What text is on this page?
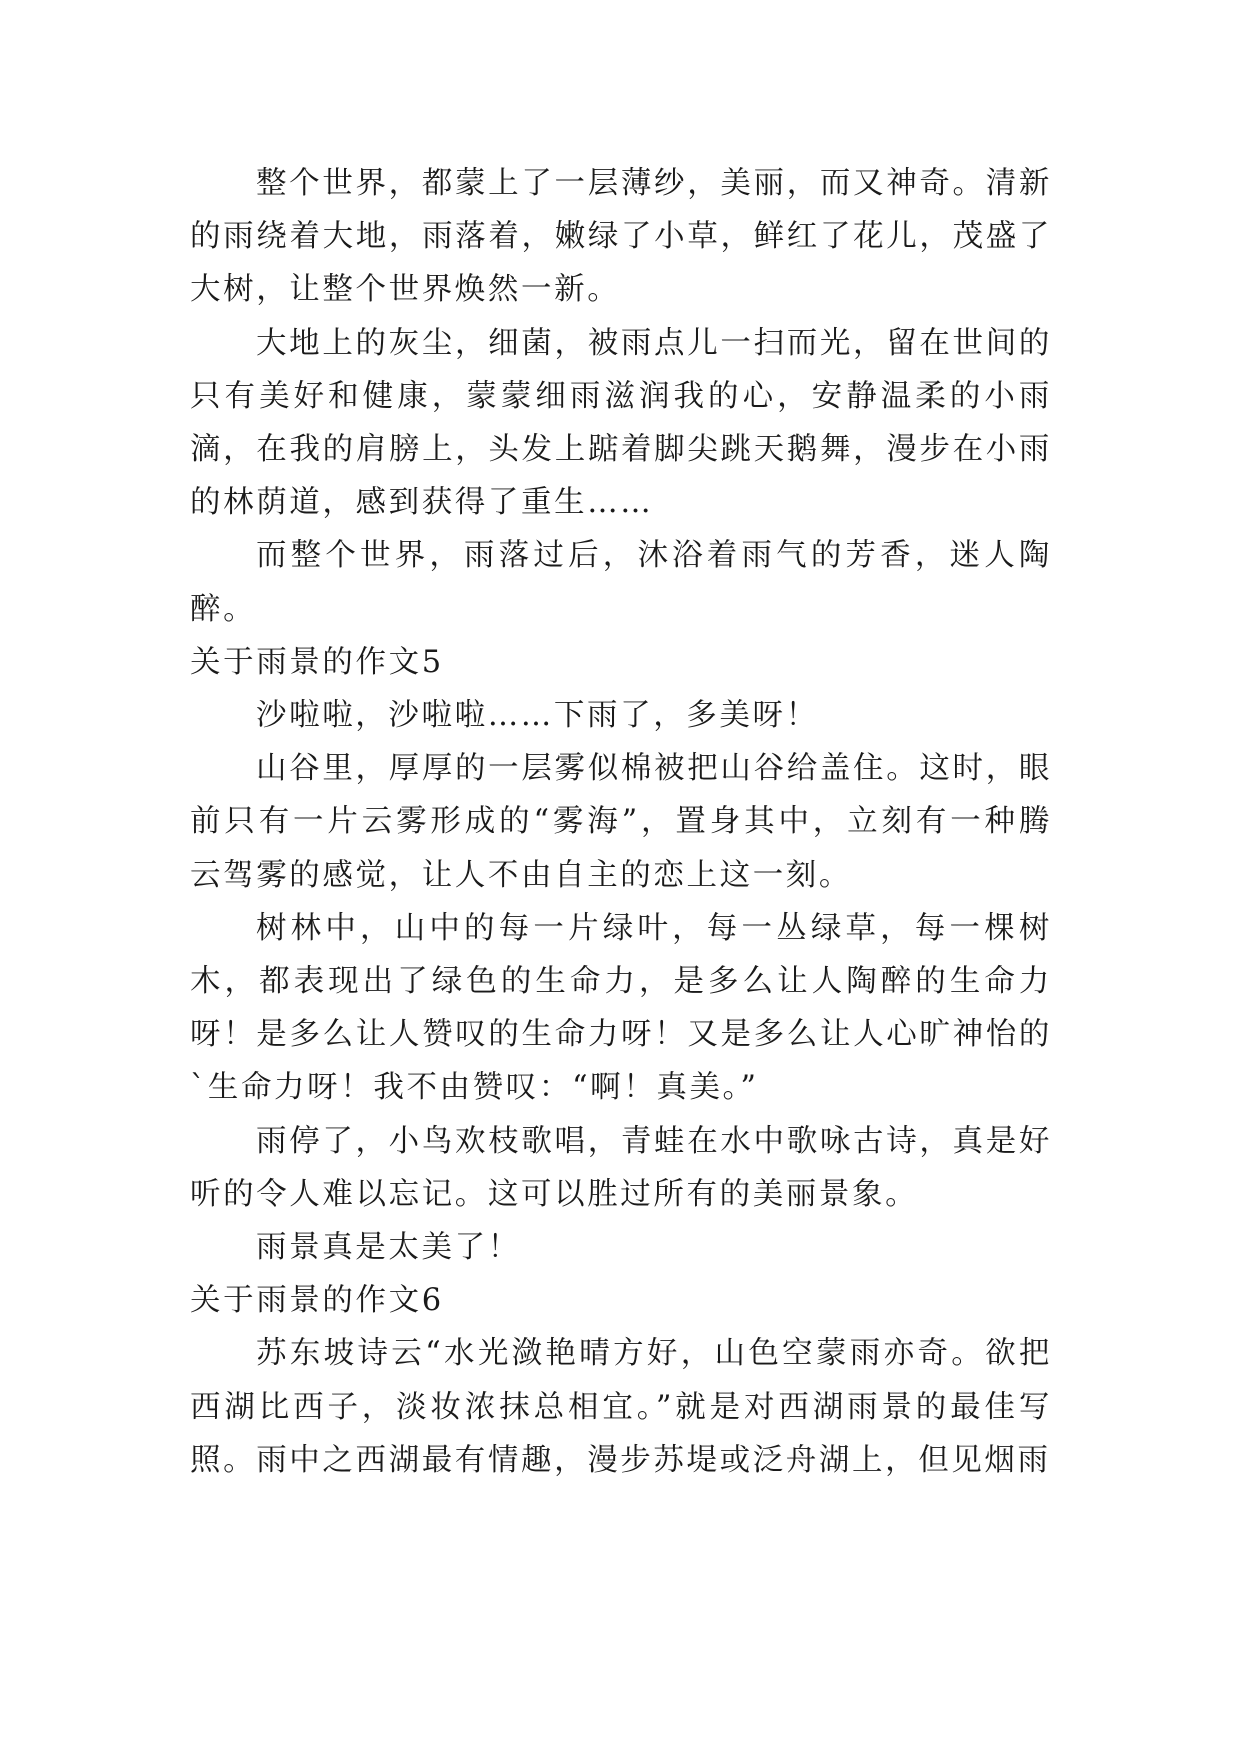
整个世界，都蒙上了一层薄纱，美丽，而又神奇。清新的雨绕着大地，雨落着，嫩绿了小草，鲜红了花儿，茂盛了大树，让整个世界焕然一新。

大地上的灰尘，细菌，被雨点儿一扫而光，留在世间的只有美好和健康，蒙蒙细雨滋润我的心，安静温柔的小雨滴，在我的肩膀上，头发上踮着脚尖跳天鹅舞，漫步在小雨的林荫道，感到获得了重生……

而整个世界，雨落过后，沐浴着雨气的芳香，迷人陶醉。

关于雨景的作文5

沙啦啦，沙啦啦……下雨了，多美呀！

山谷里，厚厚的一层雾似棉被把山谷给盖住。这时，眼前只有一片云雾形成的“雾海”，置身其中，立刻有一种腾云驾雾的感觉，让人不由自主的恋上这一刻。

树林中，山中的每一片绿叶，每一丛绿草，每一棵树木，都表现出了绿色的生命力，是多么让人陶醉的生命力呀！是多么让人赞叹的生命力呀！又是多么让人心旷神怡的`生命力呀！我不由赞叹：“啊！真美。”

雨停了，小鸟欢枝歌唱，青蛙在水中歌咏古诗，真是好听的令人难以忘记。这可以胜过所有的美丽景象。

雨景真是太美了！

关于雨景的作文6

苏东坡诗云“水光潋艳晴方好，山色空蒙雨亦奇。欲把西湖比西子，淡妆浓抹总相宜。”就是对西湖雨景的最佳写照。雨中之西湖最有情趣，漫步苏堤或泛舟湖上，但见烟雨
